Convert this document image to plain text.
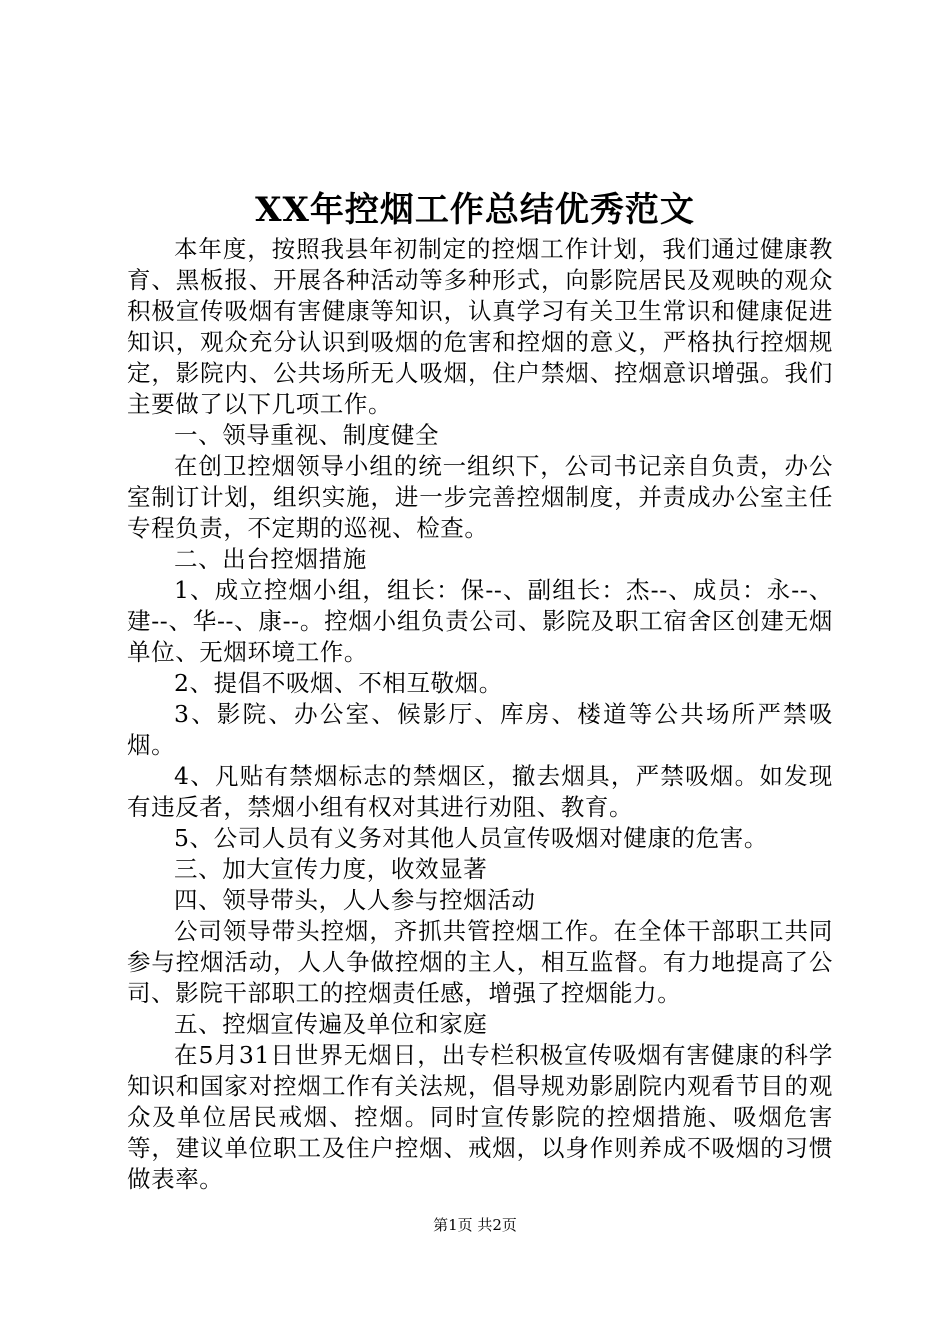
XX年控烟工作总结优秀范文

本年度，按照我县年初制定的控烟工作计划，我们通过健康教育、黑板报、开展各种活动等多种形式，向影院居民及观映的观众积极宣传吸烟有害健康等知识，认真学习有关卫生常识和健康促进知识，观众充分认识到吸烟的危害和控烟的意义，严格执行控烟规定，影院内、公共场所无人吸烟，住户禁烟、控烟意识增强。我们主要做了以下几项工作。

一、领导重视、制度健全

在创卫控烟领导小组的统一组织下，公司书记亲自负责，办公室制订计划，组织实施，进一步完善控烟制度，并责成办公室主任专程负责，不定期的巡视、检查。

二、出台控烟措施

1、成立控烟小组，组长：保--、副组长：杰--、成员：永--、建--、华--、康--。控烟小组负责公司、影院及职工宿舍区创建无烟单位、无烟环境工作。

2、提倡不吸烟、不相互敬烟。

3、影院、办公室、候影厅、库房、楼道等公共场所严禁吸烟。

4、凡贴有禁烟标志的禁烟区，撤去烟具，严禁吸烟。如发现有违反者，禁烟小组有权对其进行劝阻、教育。

5、公司人员有义务对其他人员宣传吸烟对健康的危害。

三、加大宣传力度，收效显著

四、领导带头，人人参与控烟活动

公司领导带头控烟，齐抓共管控烟工作。在全体干部职工共同参与控烟活动，人人争做控烟的主人，相互监督。有力地提高了公司、影院干部职工的控烟责任感，增强了控烟能力。

五、控烟宣传遍及单位和家庭

在5月31日世界无烟日，出专栏积极宣传吸烟有害健康的科学知识和国家对控烟工作有关法规，倡导规劝影剧院内观看节目的观众及单位居民戒烟、控烟。同时宣传影院的控烟措施、吸烟危害等，建议单位职工及住户控烟、戒烟，以身作则养成不吸烟的习惯做表率。

第1页 共2页
